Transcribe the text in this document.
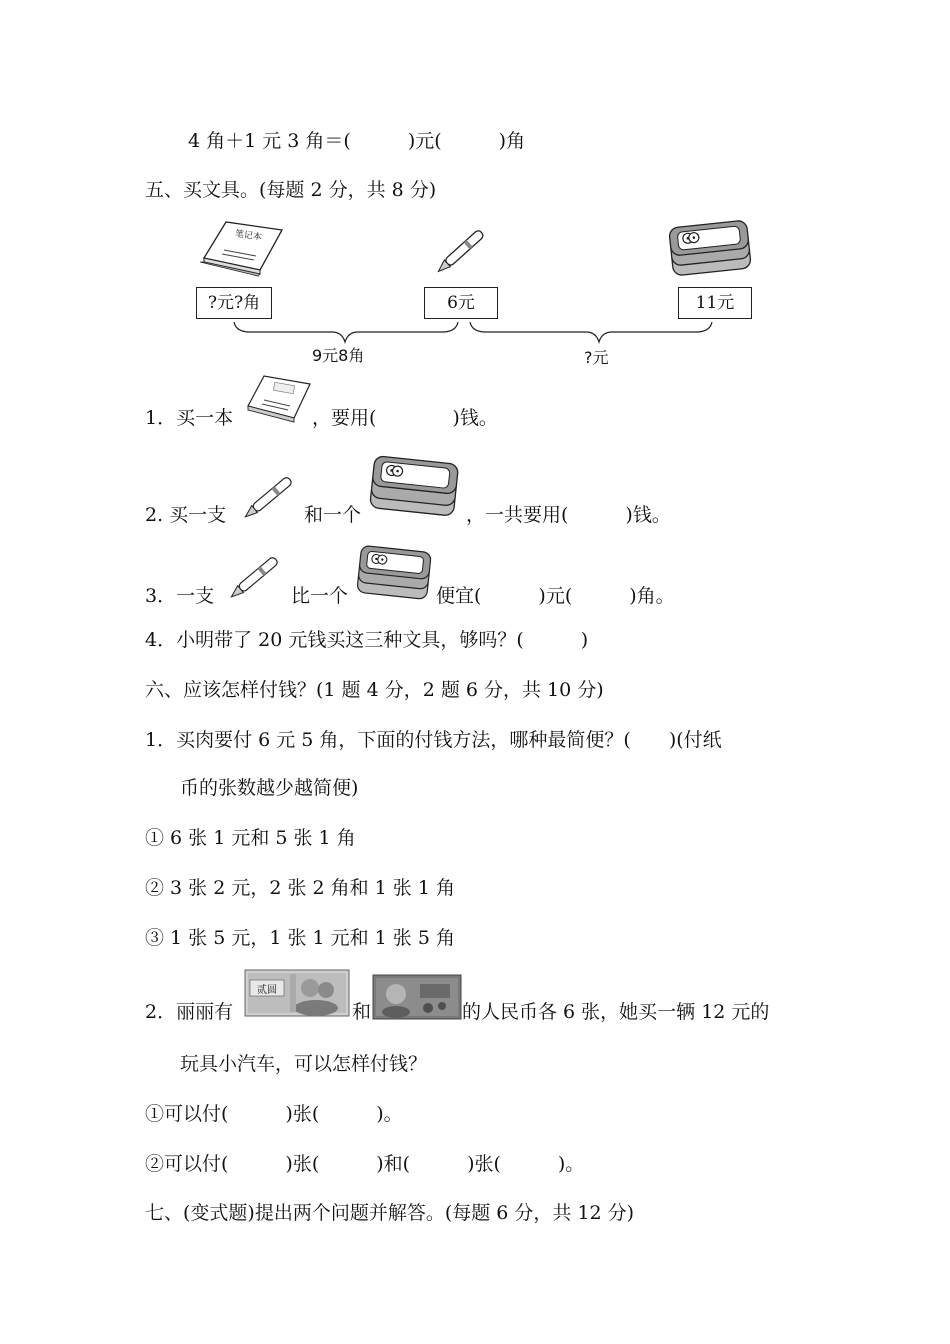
4 角＋1 元 3 角＝(　　　)元(　　　)角
五、买文具。(每题 2 分，共 8 分)
笔记本
?元?角	6元	11元
9元8角	?元
1．买一本	，要用(　　　　)钱。
2. 买一支	和一个	，一共要用(　　　)钱。
3．一支	比一个	便宜(　　　)元(　　　)角。
4．小明带了 20 元钱买这三种文具，够吗？(　　　)
六、应该怎样付钱？(1 题 4 分，2 题 6 分，共 10 分)
1．买肉要付 6 元 5 角，下面的付钱方法，哪种最简便？(　　)(付纸
币的张数越少越简便)
① 6 张 1 元和 5 张 1 角
② 3 张 2 元，2 张 2 角和 1 张 1 角
③ 1 张 5 元，1 张 1 元和 1 张 5 角
2．丽丽有
贰圆
和	的人民币各 6 张，她买一辆 12 元的
玩具小汽车，可以怎样付钱？
①可以付(　　　)张(　　　)。
②可以付(　　　)张(　　　)和(　　　)张(　　　)。
七、(变式题)提出两个问题并解答。(每题 6 分，共 12 分)
